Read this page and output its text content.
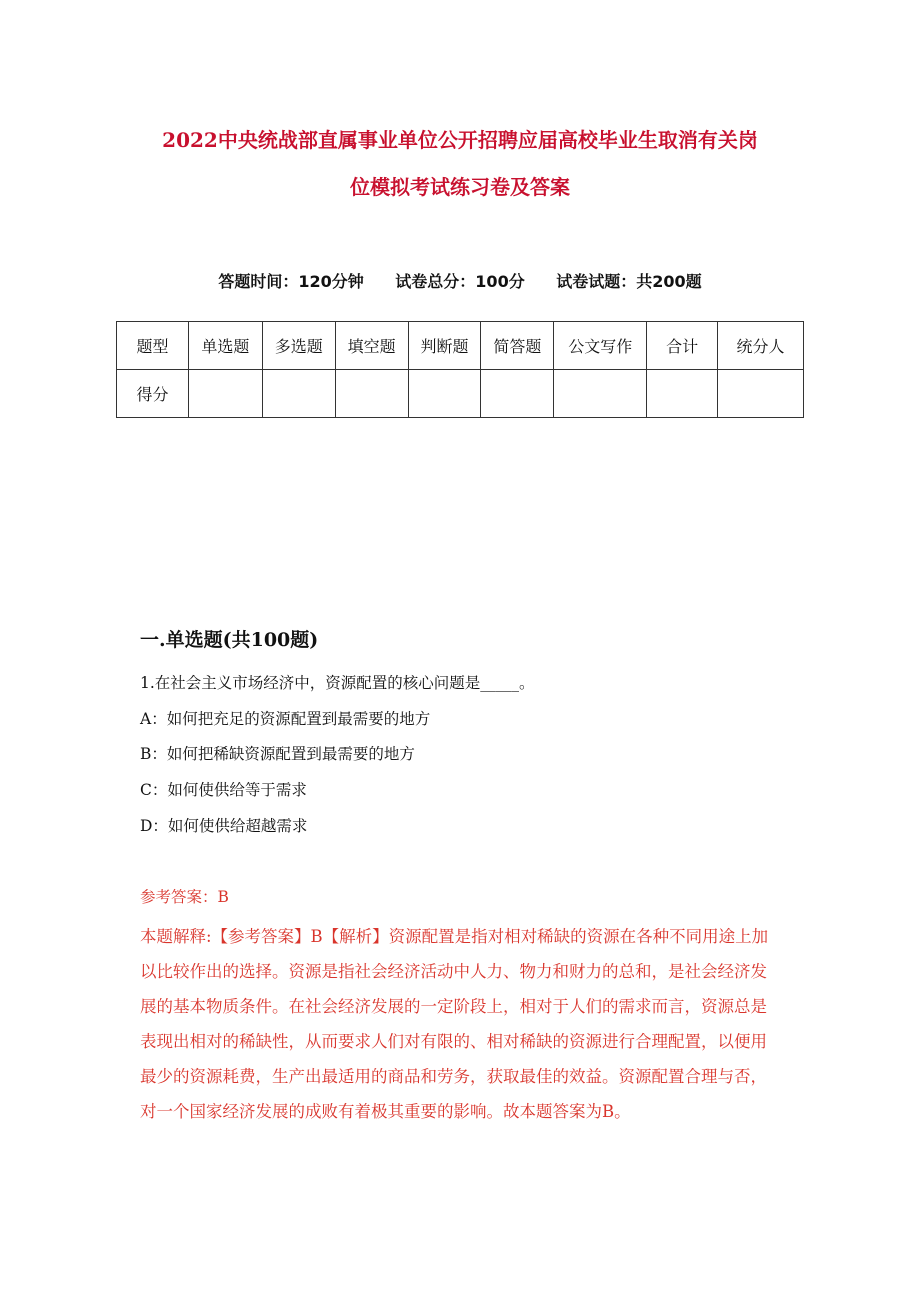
2022中央统战部直属事业单位公开招聘应届高校毕业生取消有关岗
位模拟考试练习卷及答案
答题时间：120分钟 试卷总分：100分 试卷试题：共200题
题型	单选题	多选题	填空题	判断题	简答题	公文写作	合计	统分人
得分								
一.单选题(共100题)
1.在社会主义市场经济中，资源配置的核心问题是_____。
A：如何把充足的资源配置到最需要的地方
B：如何把稀缺资源配置到最需要的地方
C：如何使供给等于需求
D：如何使供给超越需求
参考答案：B
本题解释:【参考答案】B【解析】资源配置是指对相对稀缺的资源在各种不同用途上加以比较作出的选择。资源是指社会经济活动中人力、物力和财力的总和，是社会经济发展的基本物质条件。在社会经济发展的一定阶段上，相对于人们的需求而言，资源总是表现出相对的稀缺性，从而要求人们对有限的、相对稀缺的资源进行合理配置，以便用最少的资源耗费，生产出最适用的商品和劳务，获取最佳的效益。资源配置合理与否，对一个国家经济发展的成败有着极其重要的影响。故本题答案为B。
